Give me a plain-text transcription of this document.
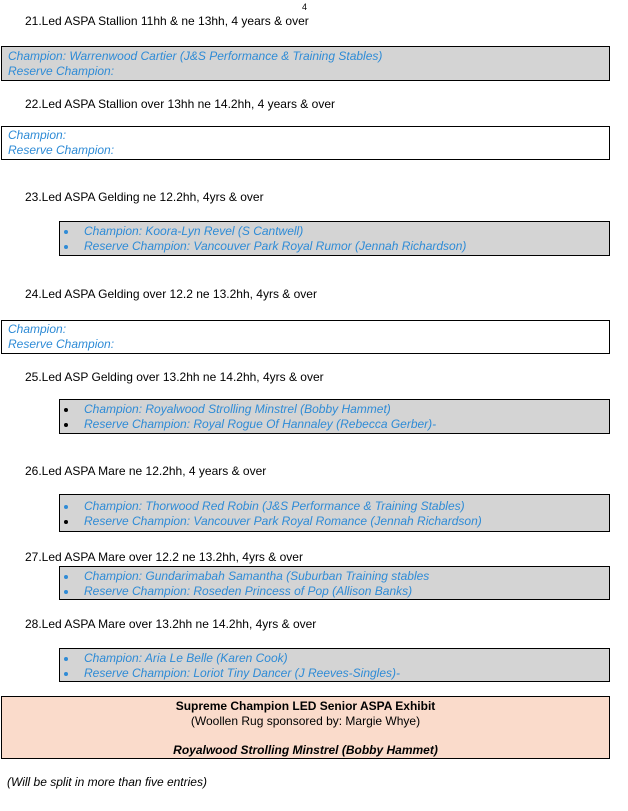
4
21.Led ASPA Stallion 11hh & ne 13hh, 4 years & over
Champion: Warrenwood Cartier (J&S Performance & Training Stables)
Reserve Champion:
22.Led ASPA Stallion over 13hh ne 14.2hh, 4 years & over
Champion:
Reserve Champion:
23.Led ASPA Gelding ne 12.2hh, 4yrs & over
Champion: Koora-Lyn Revel (S Cantwell)
Reserve Champion: Vancouver Park Royal Rumor (Jennah Richardson)
24.Led ASPA Gelding over 12.2 ne 13.2hh, 4yrs & over
Champion:
Reserve Champion:
25.Led ASP Gelding over 13.2hh ne 14.2hh, 4yrs & over
Champion: Royalwood Strolling Minstrel (Bobby Hammet)
Reserve Champion: Royal Rogue Of Hannaley (Rebecca Gerber)-
26.Led ASPA Mare ne 12.2hh, 4 years & over
Champion: Thorwood Red Robin (J&S Performance & Training Stables)
Reserve Champion: Vancouver Park Royal Romance (Jennah Richardson)
27.Led ASPA Mare over 12.2 ne 13.2hh, 4yrs & over
Champion: Gundarimabah Samantha (Suburban Training stables
Reserve Champion: Roseden Princess of Pop (Allison Banks)
28.Led ASPA Mare over 13.2hh ne 14.2hh, 4yrs & over
Champion: Aria Le Belle (Karen Cook)
Reserve Champion: Loriot Tiny Dancer (J Reeves-Singles)-
Supreme Champion LED Senior ASPA Exhibit
(Woollen Rug sponsored by: Margie Whye)
Royalwood Strolling Minstrel (Bobby Hammet)
(Will be split in more than five entries)
